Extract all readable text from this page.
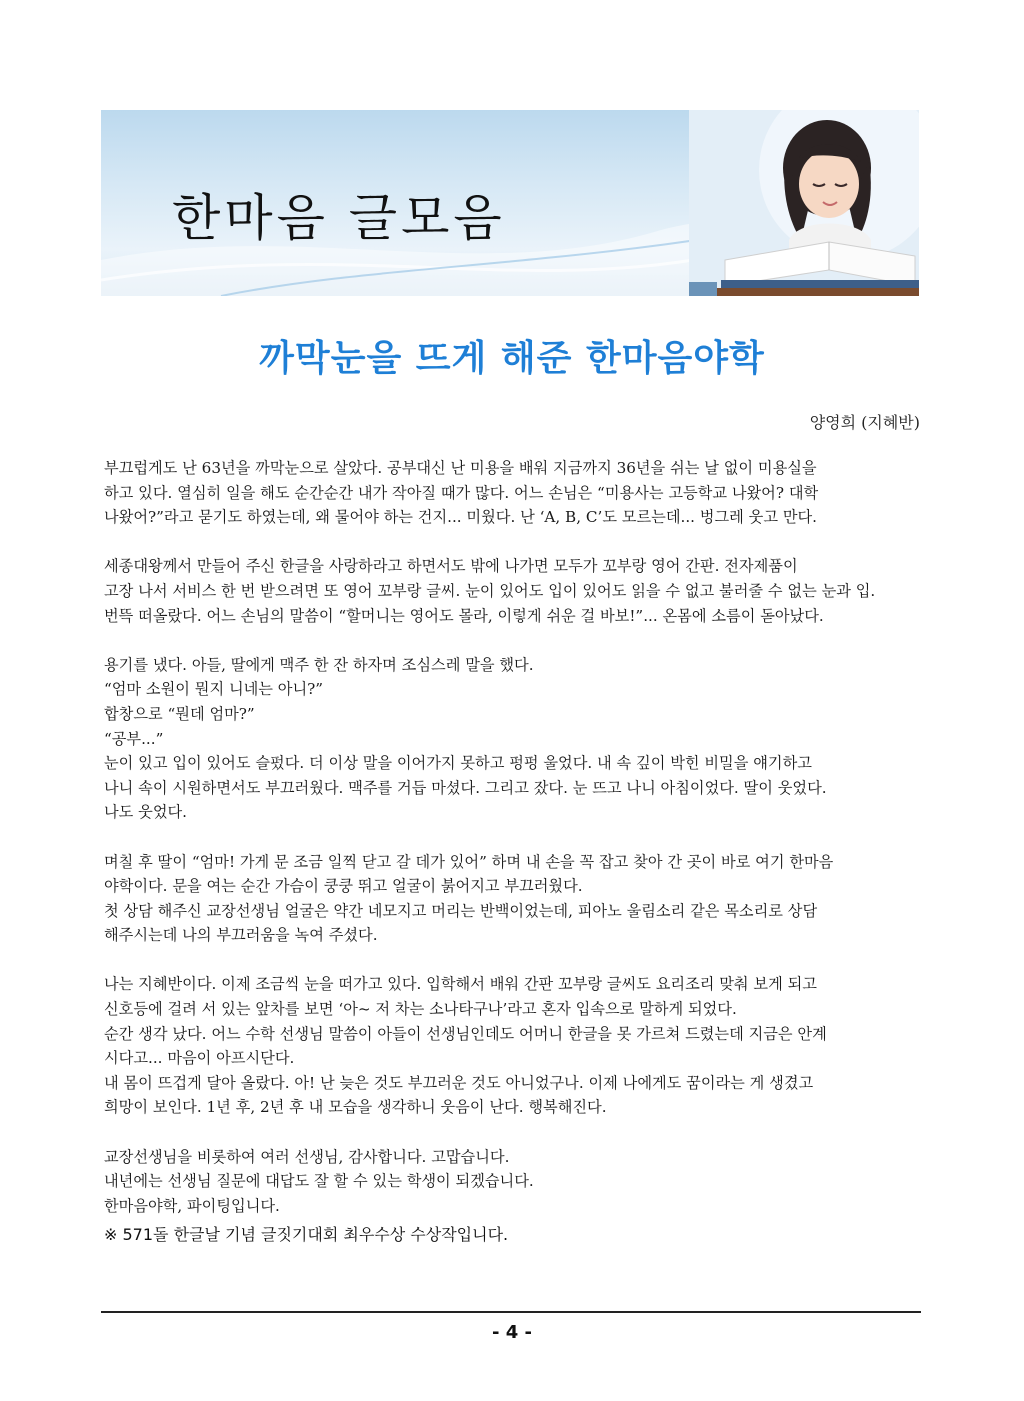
한마음 글모음
까막눈을 뜨게 해준 한마음야학
양영희 (지혜반)

부끄럽게도 난 63년을 까막눈으로 살았다. 공부대신 난 미용을 배워 지금까지 36년을 쉬는 날 없이 미용실을
하고 있다. 열심히 일을 해도 순간순간 내가 작아질 때가 많다. 어느 손님은 “미용사는 고등학교 나왔어? 대학
나왔어?”라고 묻기도 하였는데, 왜 물어야 하는 건지... 미웠다. 난 ‘A, B, C’도 모르는데... 벙그레 웃고 만다.

세종대왕께서 만들어 주신 한글을 사랑하라고 하면서도 밖에 나가면 모두가 꼬부랑 영어 간판. 전자제품이
고장 나서 서비스 한 번 받으려면 또 영어 꼬부랑 글씨. 눈이 있어도 입이 있어도 읽을 수 없고 불러줄 수 없는 눈과 입.
번뜩 떠올랐다. 어느 손님의 말씀이 “할머니는 영어도 몰라, 이렇게 쉬운 걸 바보!”... 온몸에 소름이 돋아났다.

용기를 냈다. 아들, 딸에게 맥주 한 잔 하자며 조심스레 말을 했다.
“엄마 소원이 뭔지 니네는 아니?”
합창으로 “뭔데 엄마?”
“공부...”
눈이 있고 입이 있어도 슬펐다. 더 이상 말을 이어가지 못하고 펑펑 울었다. 내 속 깊이 박힌 비밀을 얘기하고
나니 속이 시원하면서도 부끄러웠다. 맥주를 거듭 마셨다. 그리고 잤다. 눈 뜨고 나니 아침이었다. 딸이 웃었다.
나도 웃었다.

며칠 후 딸이 “엄마! 가게 문 조금 일찍 닫고 갈 데가 있어” 하며 내 손을 꼭 잡고 찾아 간 곳이 바로 여기 한마음
야학이다. 문을 여는 순간 가슴이 쿵쿵 뛰고 얼굴이 붉어지고 부끄러웠다.
첫 상담 해주신 교장선생님 얼굴은 약간 네모지고 머리는 반백이었는데, 피아노 울림소리 같은 목소리로 상담
해주시는데 나의 부끄러움을 녹여 주셨다.

나는 지혜반이다. 이제 조금씩 눈을 떠가고 있다. 입학해서 배워 간판 꼬부랑 글씨도 요리조리 맞춰 보게 되고
신호등에 걸려 서 있는 앞차를 보면 ‘아~ 저 차는 소나타구나’라고 혼자 입속으로 말하게 되었다.
순간 생각 났다. 어느 수학 선생님 말씀이 아들이 선생님인데도 어머니 한글을 못 가르쳐 드렸는데 지금은 안계
시다고... 마음이 아프시단다.
내 몸이 뜨겁게 달아 올랐다. 아! 난 늦은 것도 부끄러운 것도 아니었구나. 이제 나에게도 꿈이라는 게 생겼고
희망이 보인다. 1년 후, 2년 후 내 모습을 생각하니 웃음이 난다. 행복해진다.

교장선생님을 비롯하여 여러 선생님, 감사합니다. 고맙습니다.
내년에는 선생님 질문에 대답도 잘 할 수 있는 학생이 되겠습니다.
한마음야학, 파이팅입니다.

※ 571돌 한글날 기념 글짓기대회 최우수상 수상작입니다.
- 4 -
